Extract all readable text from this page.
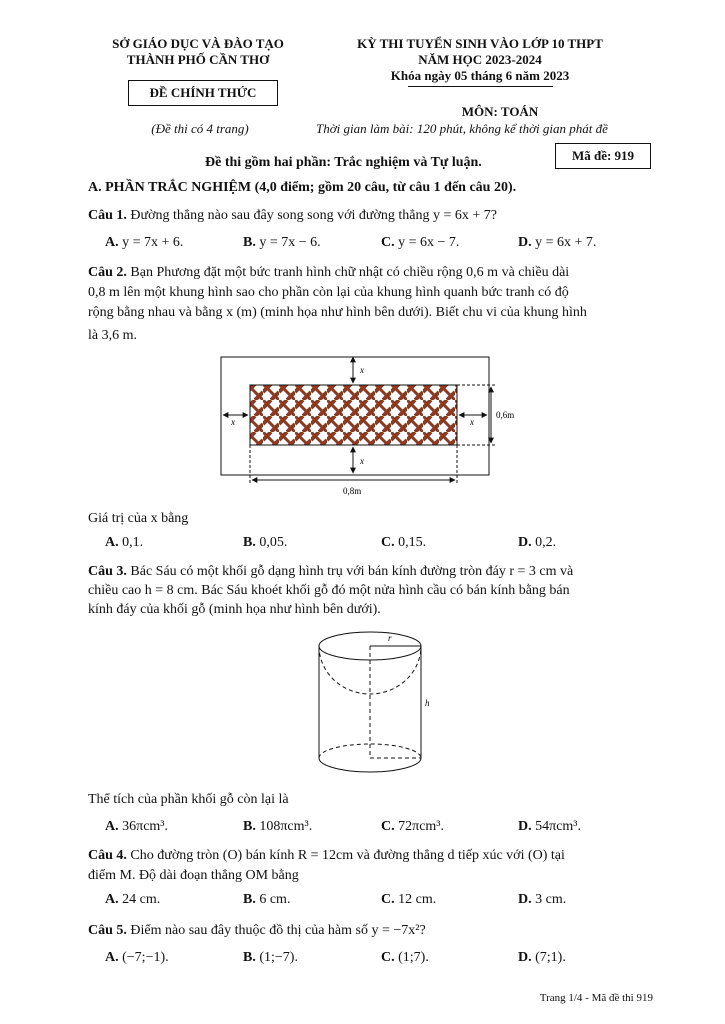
SỞ GIÁO DỤC VÀ ĐÀO TẠO
THÀNH PHỐ CẦN THƠ
ĐỀ CHÍNH THỨC
(Đề thi có 4 trang)
KỲ THI TUYỂN SINH VÀO LỚP 10 THPT
NĂM HỌC 2023-2024
Khóa ngày 05 tháng 6 năm 2023
MÔN: TOÁN
Thời gian làm bài: 120 phút, không kể thời gian phát đề
Mã đề: 919
Đề thi gồm hai phần: Trắc nghiệm và Tự luận.
A. PHẦN TRẮC NGHIỆM (4,0 điểm; gồm 20 câu, từ câu 1 đến câu 20).
Câu 1. Đường thẳng nào sau đây song song với đường thẳng y = 6x + 7?
A. y = 7x + 6.	B. y = 7x − 6.	C. y = 6x − 7.	D. y = 6x + 7.
Câu 2. Bạn Phương đặt một bức tranh hình chữ nhật có chiều rộng 0,6 m và chiều dài
0,8 m lên một khung hình sao cho phần còn lại của khung hình quanh bức tranh có độ
rộng bằng nhau và bằng x (m) (minh họa như hình bên dưới). Biết chu vi của khung hình
là 3,6 m.
x
x	x
x
0,6m
0,8m
Giá trị của x bằng
A. 0,1.	B. 0,05.	C. 0,15.	D. 0,2.
Câu 3. Bác Sáu có một khối gỗ dạng hình trụ với bán kính đường tròn đáy r = 3 cm và
chiều cao h = 8 cm. Bác Sáu khoét khối gỗ đó một nửa hình cầu có bán kính bằng bán
kính đáy của khối gỗ (minh họa như hình bên dưới).
r
h
Thể tích của phần khối gỗ còn lại là
A. 36πcm³.	B. 108πcm³.	C. 72πcm³.	D. 54πcm³.
Câu 4. Cho đường tròn (O) bán kính R = 12cm và đường thẳng d tiếp xúc với (O) tại
điểm M. Độ dài đoạn thẳng OM bằng
A. 24 cm.	B. 6 cm.	C. 12 cm.	D. 3 cm.
Câu 5. Điểm nào sau đây thuộc đồ thị của hàm số y = −7x²?
A. (−7;−1).	B. (1;−7).	C. (1;7).	D. (7;1).
Trang 1/4 - Mã đề thi 919
